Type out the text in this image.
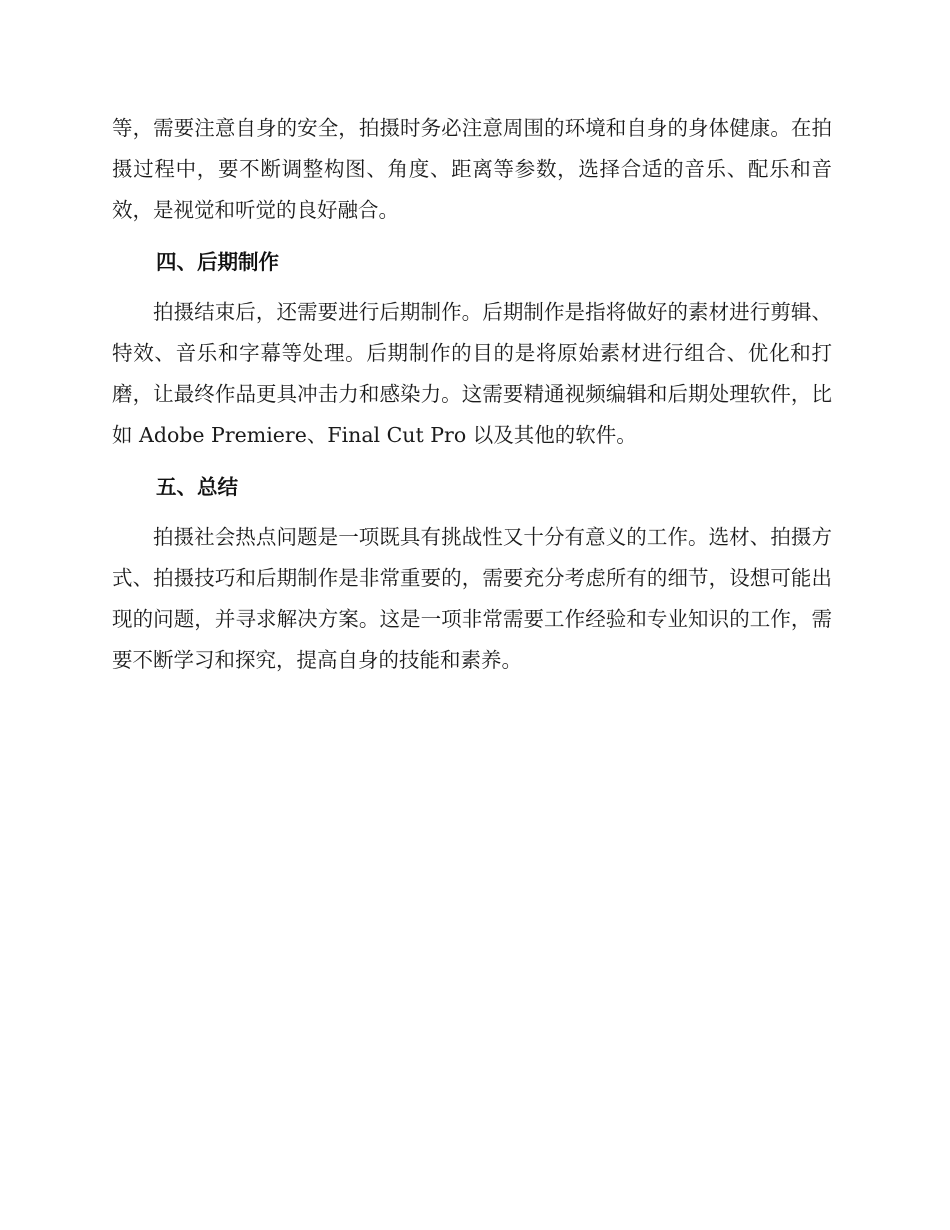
等，需要注意自身的安全，拍摄时务必注意周围的环境和自身的身体健康。在拍摄过程中，要不断调整构图、角度、距离等参数，选择合适的音乐、配乐和音效，是视觉和听觉的良好融合。

四、后期制作

拍摄结束后，还需要进行后期制作。后期制作是指将做好的素材进行剪辑、特效、音乐和字幕等处理。后期制作的目的是将原始素材进行组合、优化和打磨，让最终作品更具冲击力和感染力。这需要精通视频编辑和后期处理软件，比如 Adobe Premiere、Final Cut Pro 以及其他的软件。

五、总结

拍摄社会热点问题是一项既具有挑战性又十分有意义的工作。选材、拍摄方式、拍摄技巧和后期制作是非常重要的，需要充分考虑所有的细节，设想可能出现的问题，并寻求解决方案。这是一项非常需要工作经验和专业知识的工作，需要不断学习和探究，提高自身的技能和素养。
